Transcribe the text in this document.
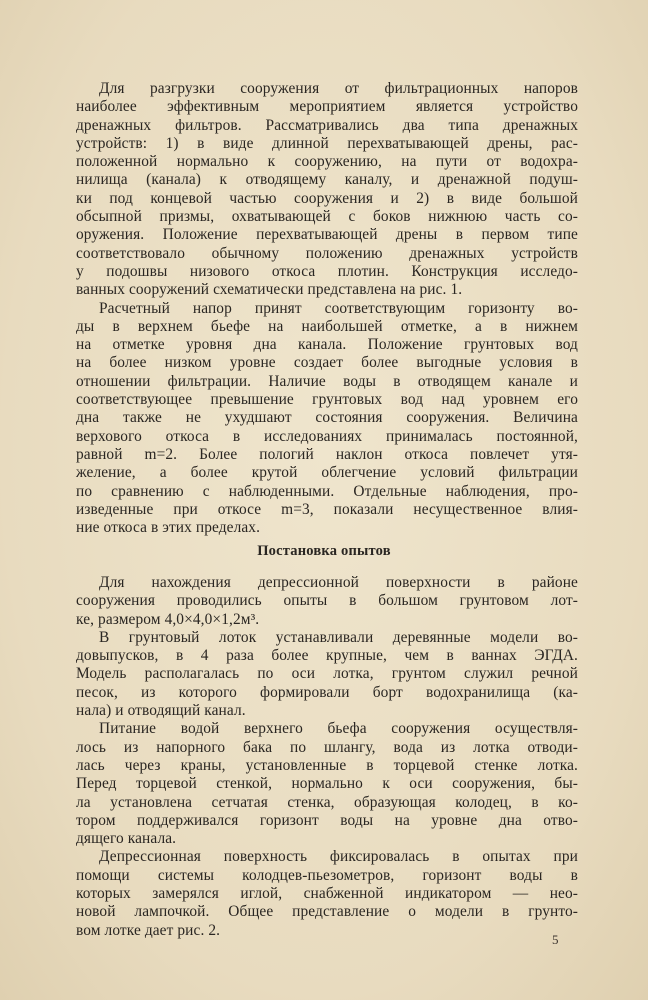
Для разгрузки сооружения от фильтрационных напоров
наиболее эффективным мероприятием является устройство
дренажных фильтров. Рассматривались два типа дренажных
устройств: 1) в виде длинной перехватывающей дрены, рас-
положенной нормально к сооружению, на пути от водохра-
нилища (канала) к отводящему каналу, и дренажной подуш-
ки под концевой частью сооружения и 2) в виде большой
обсыпной призмы, охватывающей с боков нижнюю часть со-
оружения. Положение перехватывающей дрены в первом типе
соответствовало обычному положению дренажных устройств
у подошвы низового откоса плотин. Конструкция исследо-
ванных сооружений схематически представлена на рис. 1.
Расчетный напор принят соответствующим горизонту во-
ды в верхнем бьефе на наибольшей отметке, а в нижнем
на отметке уровня дна канала. Положение грунтовых вод
на более низком уровне создает более выгодные условия в
отношении фильтрации. Наличие воды в отводящем канале и
соответствующее превышение грунтовых вод над уровнем его
дна также не ухудшают состояния сооружения. Величина
верхового откоса в исследованиях принималась постоянной,
равной m=2. Более пологий наклон откоса повлечет утя-
желение, а более крутой облегчение условий фильтрации
по сравнению с наблюденными. Отдельные наблюдения, про-
изведенные при откосе m=3, показали несущественное влия-
ние откоса в этих пределах.
Постановка опытов
Для нахождения депрессионной поверхности в районе
сооружения проводились опыты в большом грунтовом лот-
ке, размером 4,0×4,0×1,2м³.
В грунтовый лоток устанавливали деревянные модели во-
довыпусков, в 4 раза более крупные, чем в ваннах ЭГДА.
Модель располагалась по оси лотка, грунтом служил речной
песок, из которого формировали борт водохранилища (ка-
нала) и отводящий канал.
Питание водой верхнего бьефа сооружения осуществля-
лось из напорного бака по шлангу, вода из лотка отводи-
лась через краны, установленные в торцевой стенке лотка.
Перед торцевой стенкой, нормально к оси сооружения, бы-
ла установлена сетчатая стенка, образующая колодец, в ко-
тором поддерживался горизонт воды на уровне дна отво-
дящего канала.
Депрессионная поверхность фиксировалась в опытах при
помощи системы колодцев-пьезометров, горизонт воды в
которых замерялся иглой, снабженной индикатором — нео-
новой лампочкой. Общее представление о модели в грунто-
вом лотке дает рис. 2.
5
